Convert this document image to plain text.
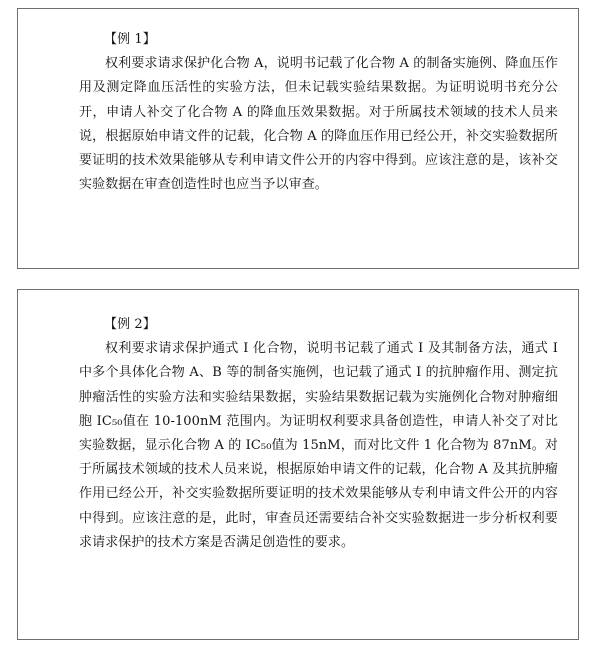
【例 1】

权利要求请求保护化合物 A，说明书记载了化合物 A 的制备实施例、降血压作用及测定降血压活性的实验方法，但未记载实验结果数据。为证明说明书充分公开，申请人补交了化合物 A 的降血压效果数据。对于所属技术领域的技术人员来说，根据原始申请文件的记载，化合物 A 的降血压作用已经公开，补交实验数据所要证明的技术效果能够从专利申请文件公开的内容中得到。应该注意的是，该补交实验数据在审查创造性时也应当予以审查。

【例 2】

权利要求请求保护通式 I 化合物，说明书记载了通式 I 及其制备方法，通式 I 中多个具体化合物 A、B 等的制备实施例，也记载了通式 I 的抗肿瘤作用、测定抗肿瘤活性的实验方法和实验结果数据，实验结果数据记载为实施例化合物对肿瘤细胞 IC₅₀值在 10-100nM 范围内。为证明权利要求具备创造性，申请人补交了对比实验数据，显示化合物 A 的 IC₅₀值为 15nM，而对比文件 1 化合物为 87nM。对于所属技术领域的技术人员来说，根据原始申请文件的记载，化合物 A 及其抗肿瘤作用已经公开，补交实验数据所要证明的技术效果能够从专利申请文件公开的内容中得到。应该注意的是，此时，审查员还需要结合补交实验数据进一步分析权利要求请求保护的技术方案是否满足创造性的要求。
